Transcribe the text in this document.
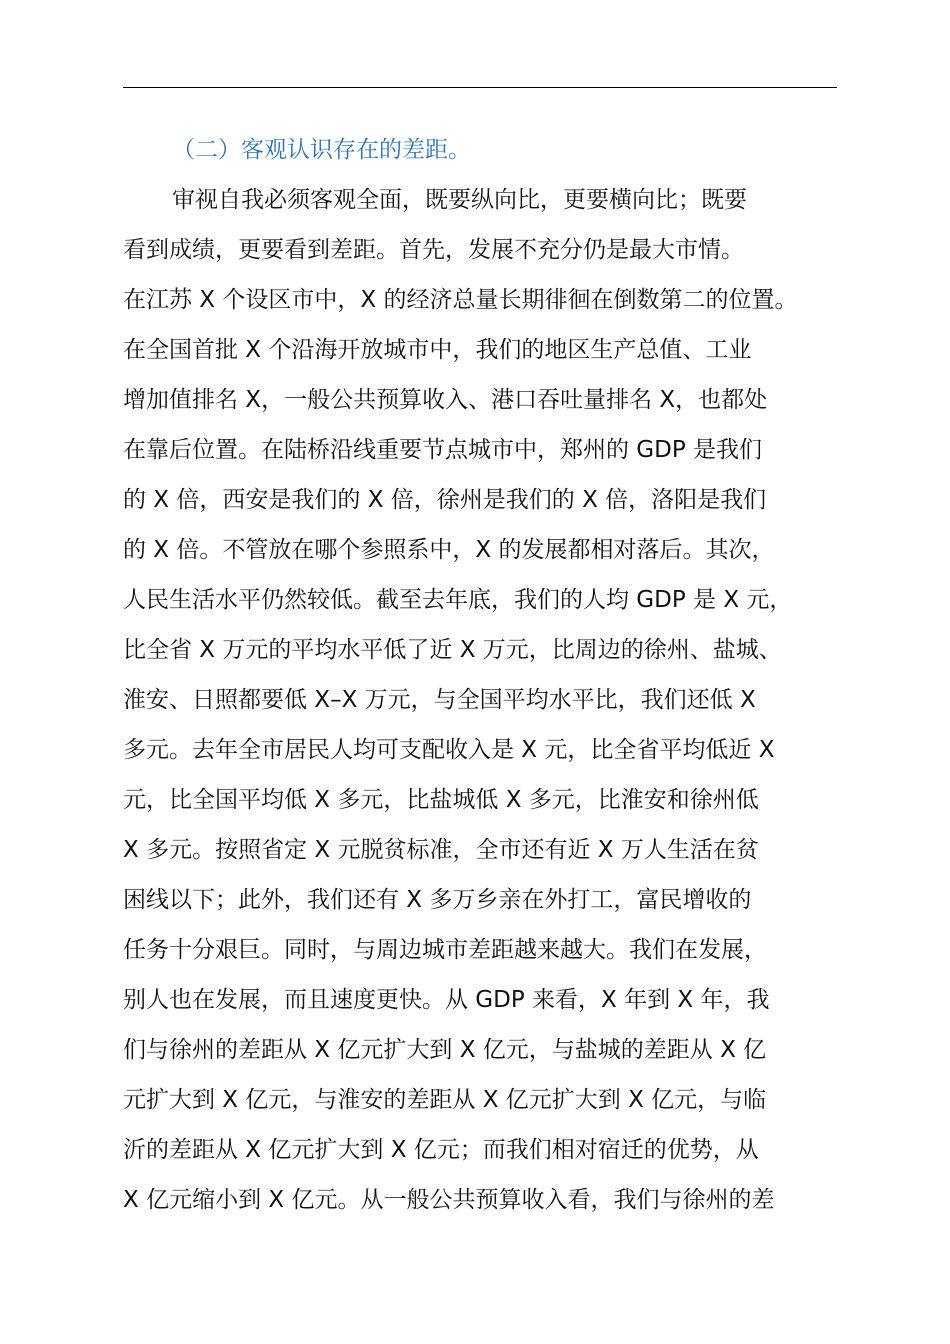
（二）客观认识存在的差距。
审视自我必须客观全面，既要纵向比，更要横向比；既要
看到成绩，更要看到差距。首先，发展不充分仍是最大市情。
在江苏 X 个设区市中，X 的经济总量长期徘徊在倒数第二的位置。
在全国首批 X 个沿海开放城市中，我们的地区生产总值、工业
增加值排名 X，一般公共预算收入、港口吞吐量排名 X，也都处
在靠后位置。在陆桥沿线重要节点城市中，郑州的 GDP 是我们
的 X 倍，西安是我们的 X 倍，徐州是我们的 X 倍，洛阳是我们
的 X 倍。不管放在哪个参照系中，X 的发展都相对落后。其次，
人民生活水平仍然较低。截至去年底，我们的人均 GDP 是 X 元，
比全省 X 万元的平均水平低了近 X 万元，比周边的徐州、盐城、
淮安、日照都要低 X–X 万元，与全国平均水平比，我们还低 X
多元。去年全市居民人均可支配收入是 X 元，比全省平均低近 X
元，比全国平均低 X 多元，比盐城低 X 多元，比淮安和徐州低
X 多元。按照省定 X 元脱贫标准，全市还有近 X 万人生活在贫
困线以下；此外，我们还有 X 多万乡亲在外打工，富民增收的
任务十分艰巨。同时，与周边城市差距越来越大。我们在发展，
别人也在发展，而且速度更快。从 GDP 来看，X 年到 X 年，我
们与徐州的差距从 X 亿元扩大到 X 亿元，与盐城的差距从 X 亿
元扩大到 X 亿元，与淮安的差距从 X 亿元扩大到 X 亿元，与临
沂的差距从 X 亿元扩大到 X 亿元；而我们相对宿迁的优势，从
X 亿元缩小到 X 亿元。从一般公共预算收入看，我们与徐州的差
